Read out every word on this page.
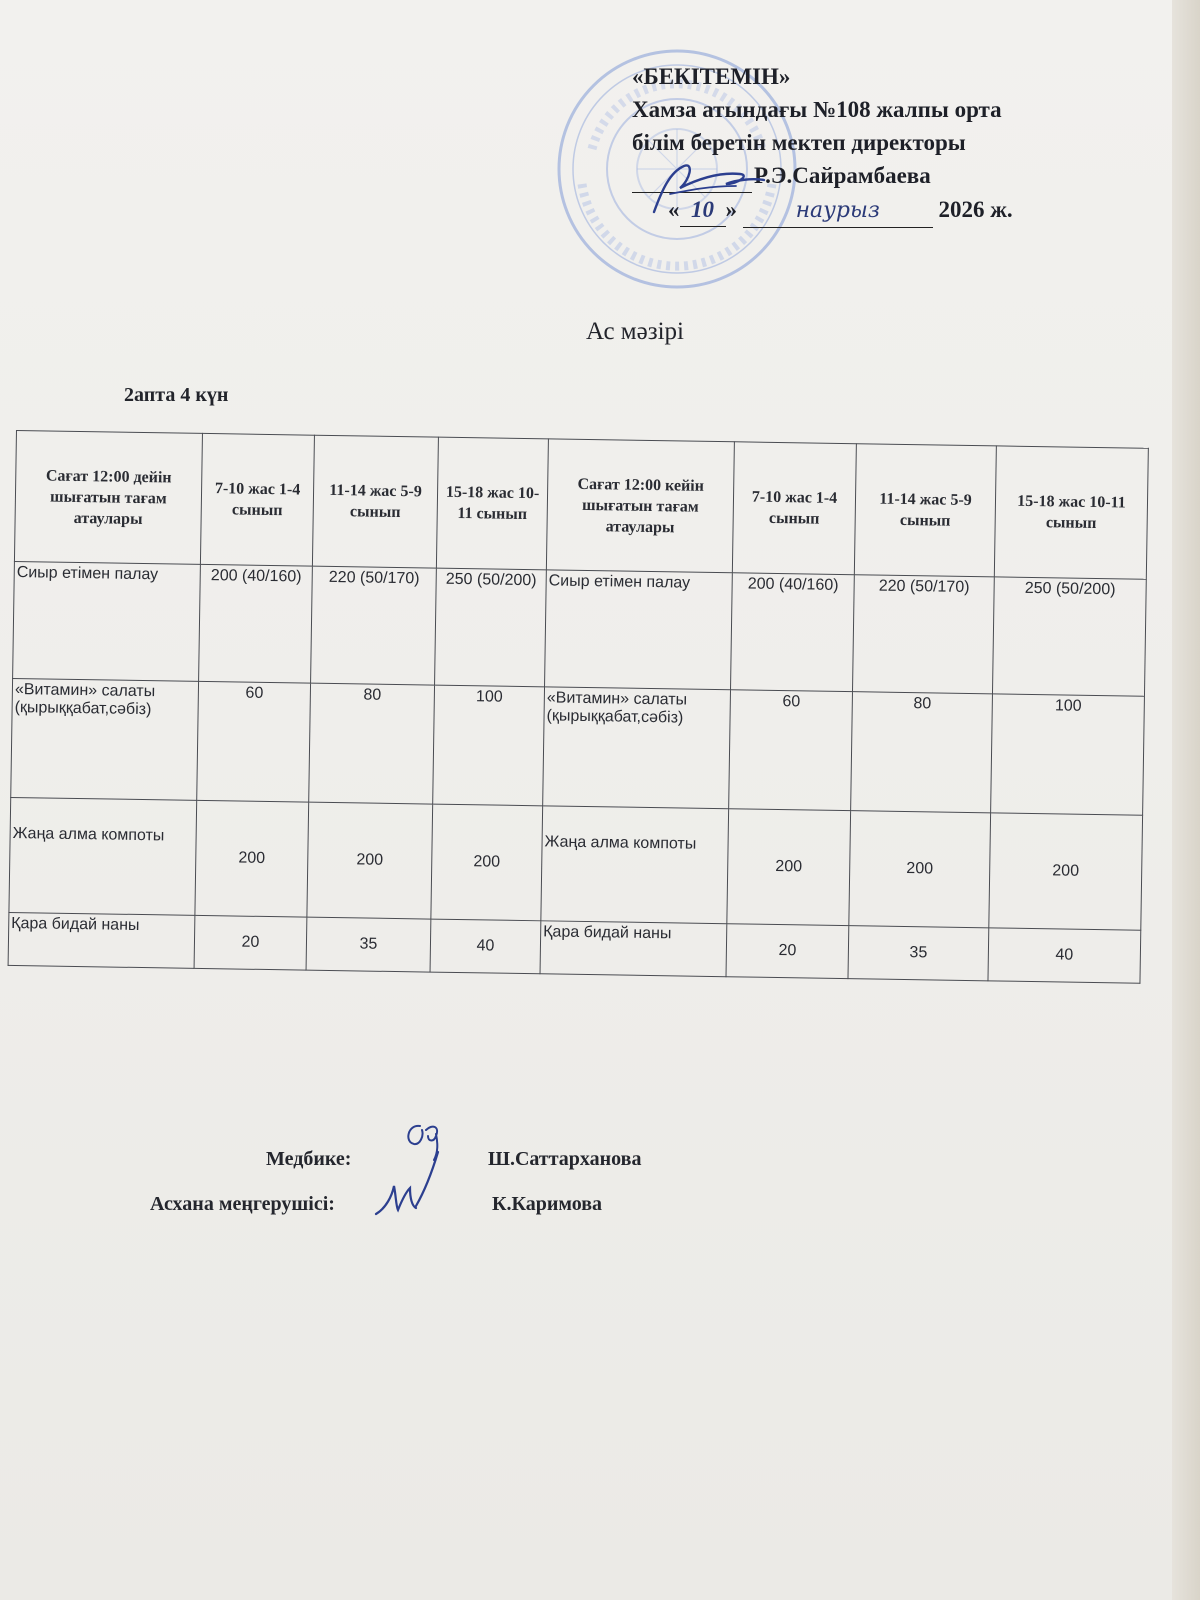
«БЕКІТЕМІН»
Хамза атындағы №108 жалпы орта
білім беретін мектеп директоры
Р.Э.Сайрамбаева
« 10 »	наурыз	2026 ж.
Ас мәзірі
2апта 4 күн
Сағат 12:00 дейін шығатын тағам атаулары	7-10 жас 1-4 сынып	11-14 жас 5-9 сынып	15-18 жас 10-11 сынып	Сағат 12:00 кейін шығатын тағам атаулары	7-10 жас 1-4 сынып	11-14 жас 5-9 сынып	15-18 жас 10-11 сынып
Сиыр етімен палау	200 (40/160)	220 (50/170)	250 (50/200)	Сиыр етімен палау	200 (40/160)	220 (50/170)	250 (50/200)
«Витамин» салаты (қырыққабат,сәбіз)	60	80	100	«Витамин» салаты (қырыққабат,сәбіз)	60	80	100
Жаңа алма компоты	200	200	200	Жаңа алма компоты	200	200	200
Қара бидай наны	20	35	40	Қара бидай наны	20	35	40
Медбике:	Ш.Саттарханова
Асхана меңгерушісі:	К.Каримова
